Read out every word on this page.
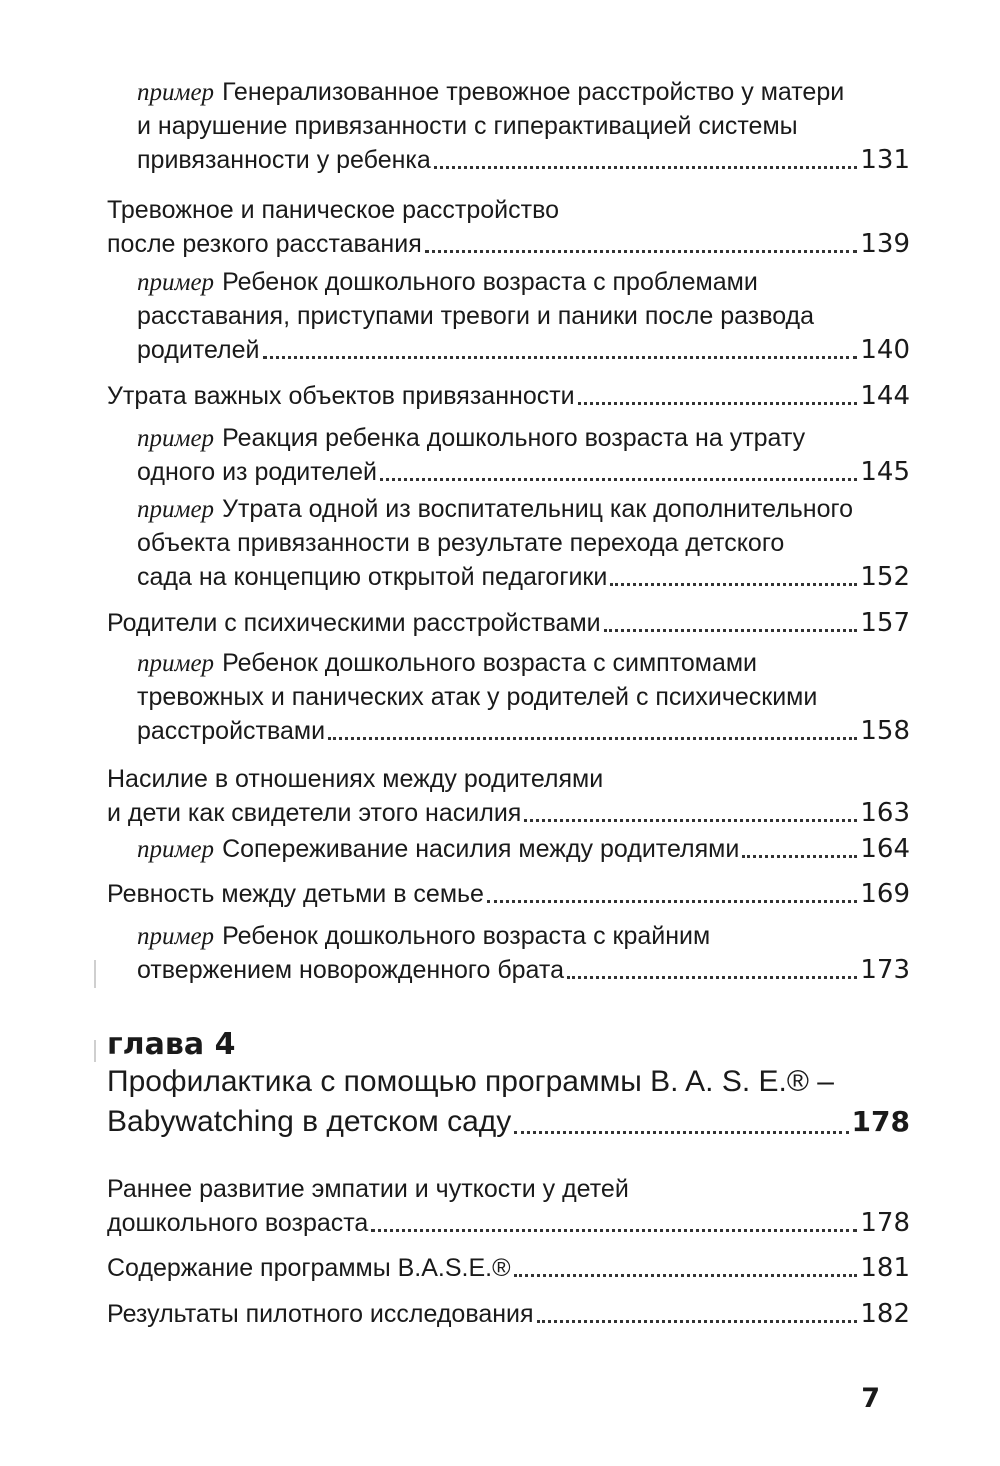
пример Генерализованное тревожное расстройство у матери
и нарушение привязанности с гиперактивацией системы
привязанности у ребенка	131
Тревожное и паническое расстройство
после резкого расставания	139
пример Ребенок дошкольного возраста с проблемами
расставания, приступами тревоги и паники после развода
родителей	140
Утрата важных объектов привязанности	144
пример Реакция ребенка дошкольного возраста на утрату
одного из родителей	145
пример Утрата одной из воспитательниц как дополнительного
объекта привязанности в результате перехода детского
сада на концепцию открытой педагогики	152
Родители с психическими расстройствами	157
пример Ребенок дошкольного возраста с симптомами
тревожных и панических атак у родителей с психическими
расстройствами	158
Насилие в отношениях между родителями
и дети как свидетели этого насилия	163
пример Сопереживание насилия между родителями	164
Ревность между детьми в семье	169
пример Ребенок дошкольного возраста с крайним
отвержением новорожденного брата	173
глава 4
Профилактика с помощью программы B. A. S. E.® –
Babywatching в детском саду	178
Раннее развитие эмпатии и чуткости у детей
дошкольного возраста	178
Содержание программы B.A.S.E.®	181
Результаты пилотного исследования	182
7
